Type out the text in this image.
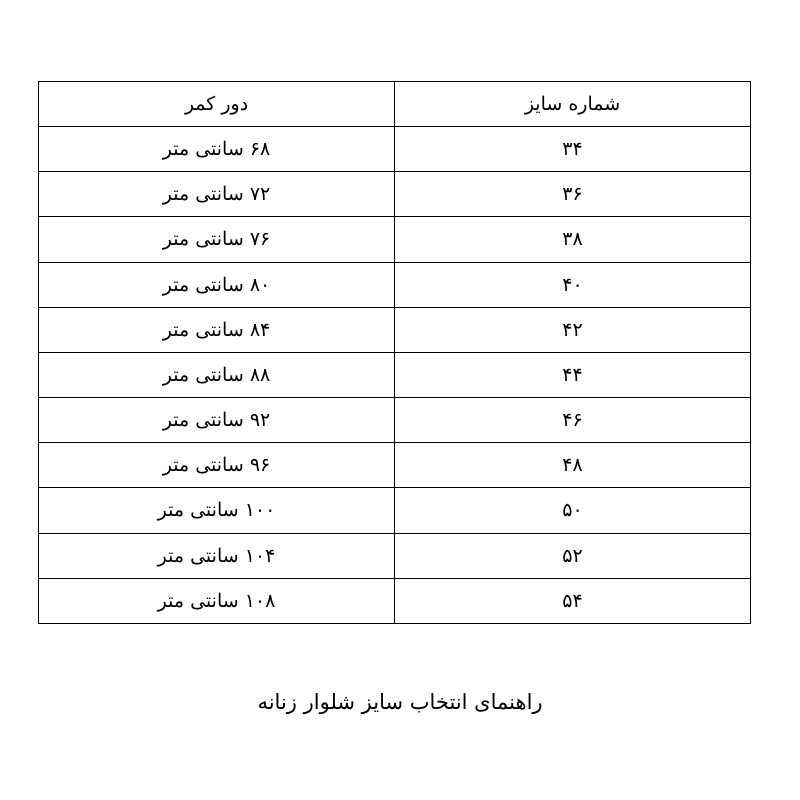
شماره سایز	دور کمر
۳۴	۶۸ سانتی متر
۳۶	۷۲ سانتی متر
۳۸	۷۶ سانتی متر
۴۰	۸۰ سانتی متر
۴۲	۸۴ سانتی متر
۴۴	۸۸ سانتی متر
۴۶	۹۲ سانتی متر
۴۸	۹۶ سانتی متر
۵۰	۱۰۰ سانتی متر
۵۲	۱۰۴ سانتی متر
۵۴	۱۰۸ سانتی متر
راهنمای انتخاب سایز شلوار زنانه
